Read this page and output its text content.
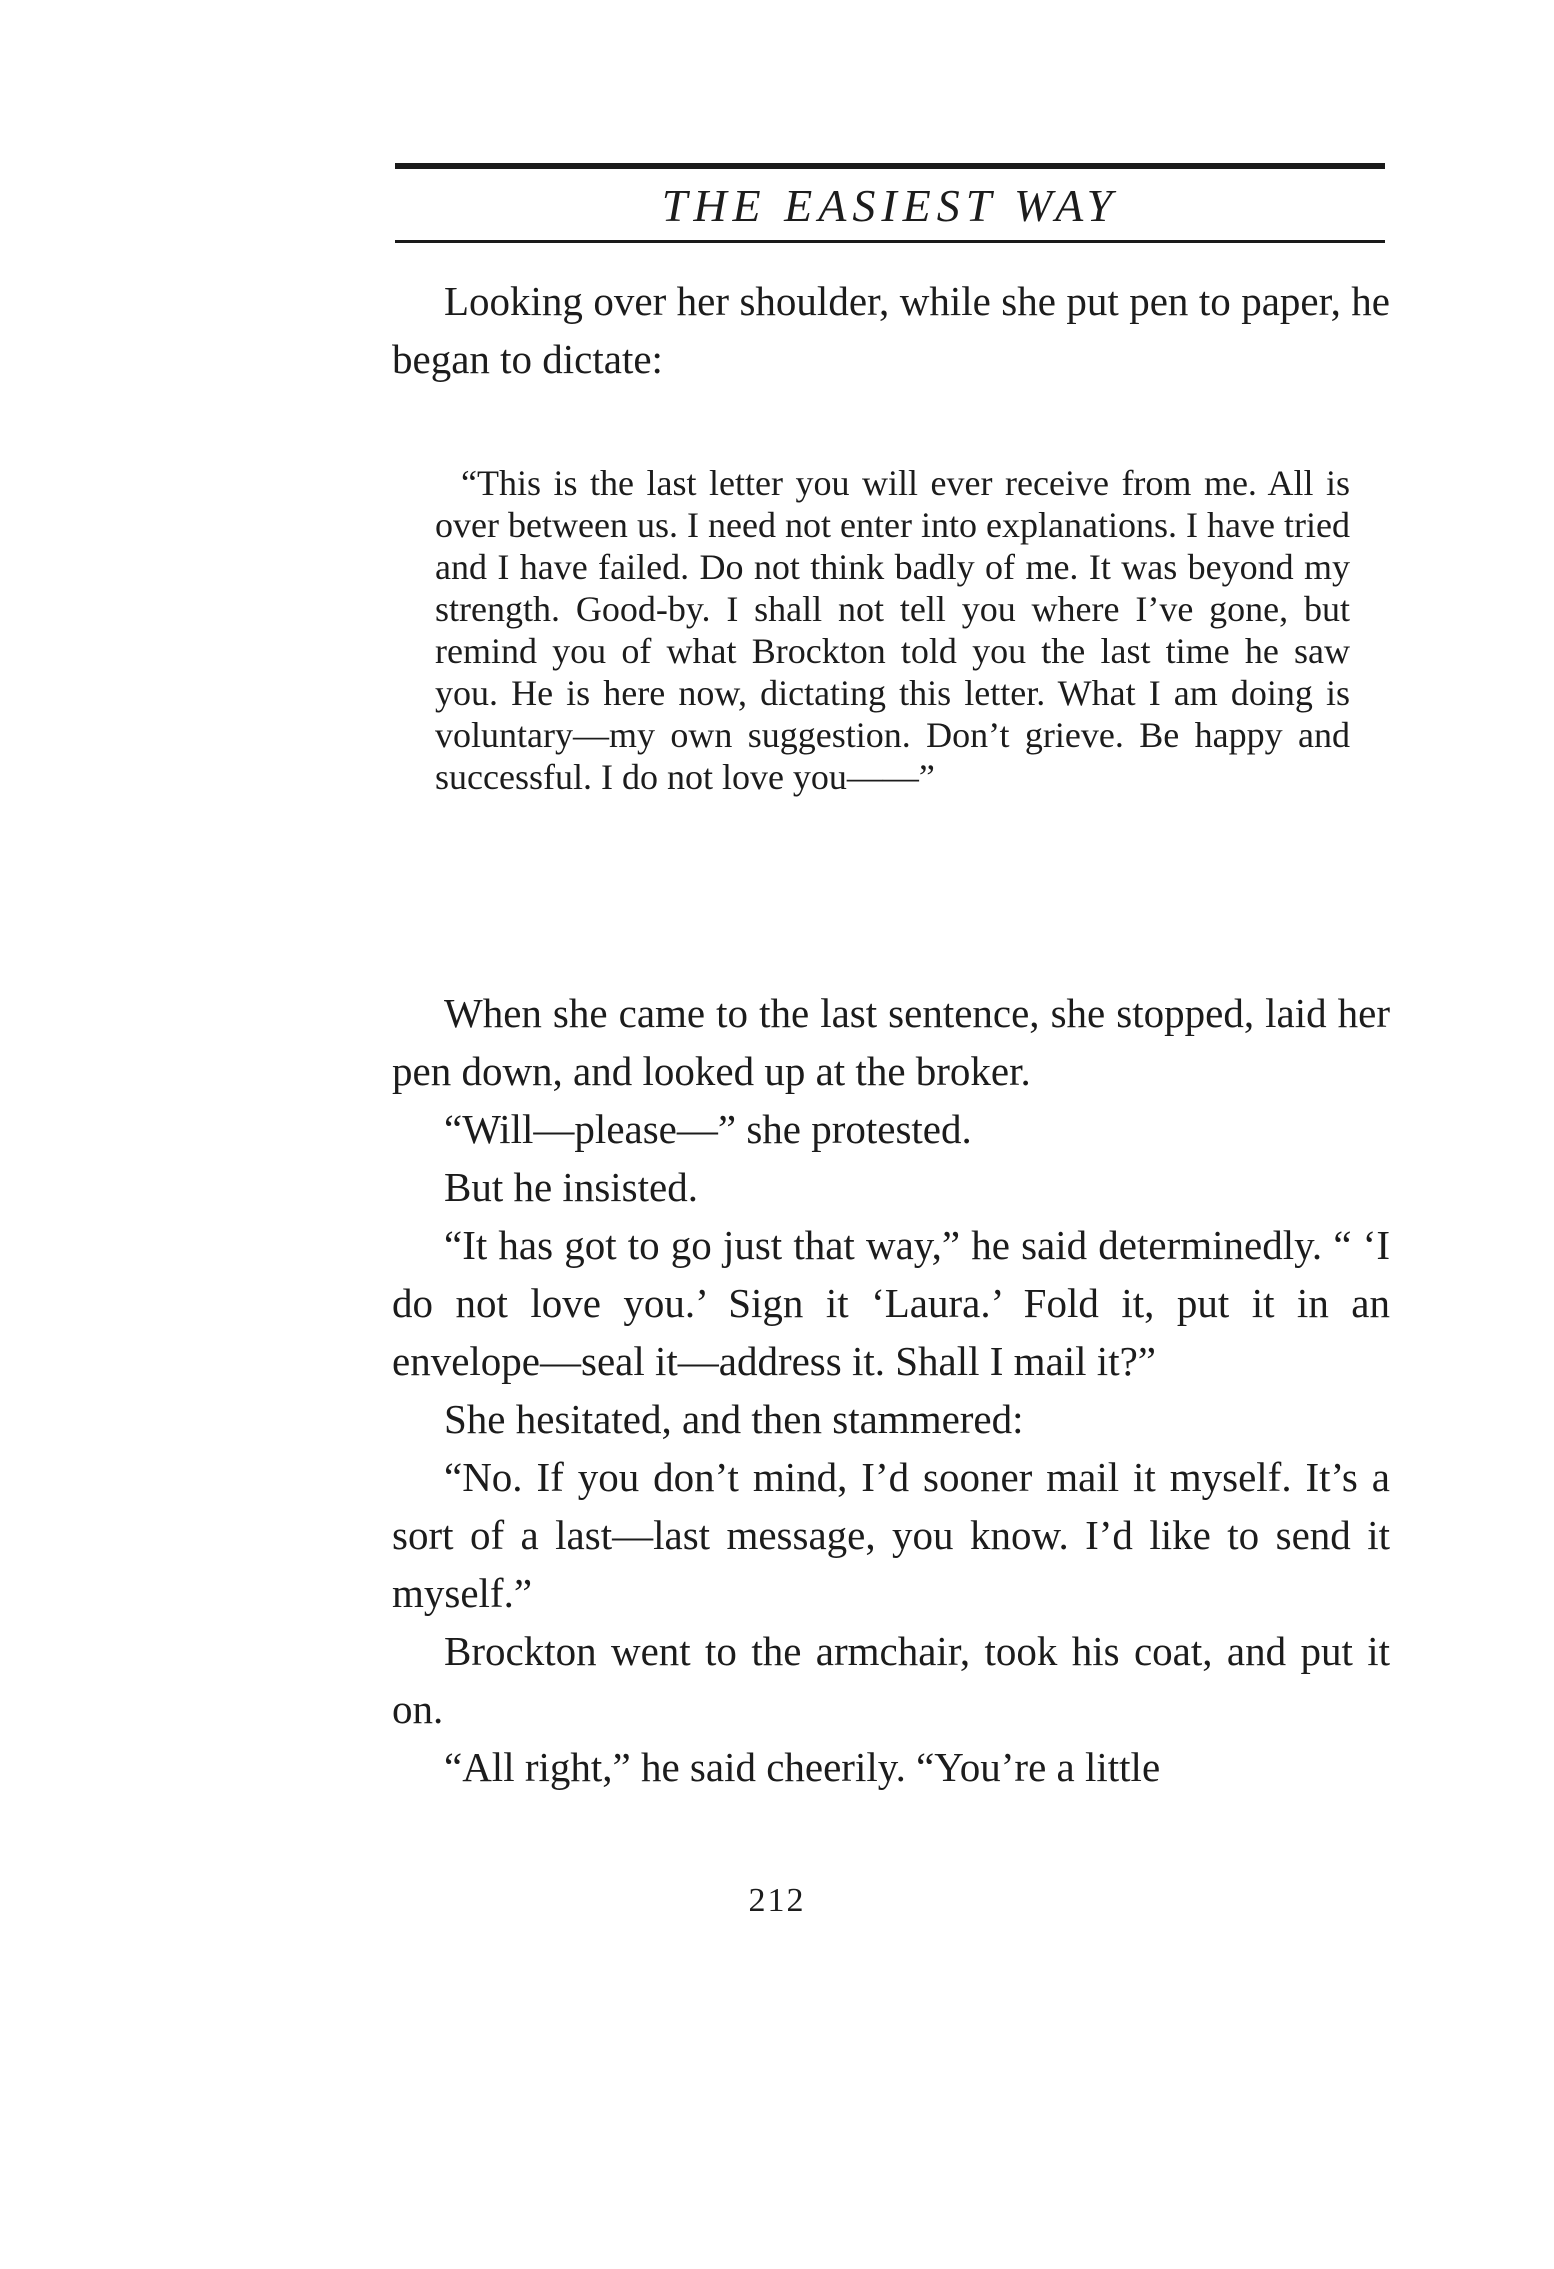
THE EASIEST WAY

Looking over her shoulder, while she put pen to paper, he began to dictate:

“This is the last letter you will ever receive from me. All is over between us. I need not enter into explanations. I have tried and I have failed. Do not think badly of me. It was beyond my strength. Good-by. I shall not tell you where I’ve gone, but remind you of what Brockton told you the last time he saw you. He is here now, dictating this letter. What I am doing is voluntary—my own suggestion. Don’t grieve. Be happy and successful. I do not love you——”

When she came to the last sentence, she stopped, laid her pen down, and looked up at the broker.

“Will—please—” she protested.

But he insisted.

“It has got to go just that way,” he said determinedly. “ ‘I do not love you.’ Sign it ‘Laura.’ Fold it, put it in an envelope—seal it—address it. Shall I mail it?”

She hesitated, and then stammered:

“No. If you don’t mind, I’d sooner mail it myself. It’s a sort of a last—last message, you know. I’d like to send it myself.”

Brockton went to the armchair, took his coat, and put it on.

“All right,” he said cheerily. “You’re a little

212
